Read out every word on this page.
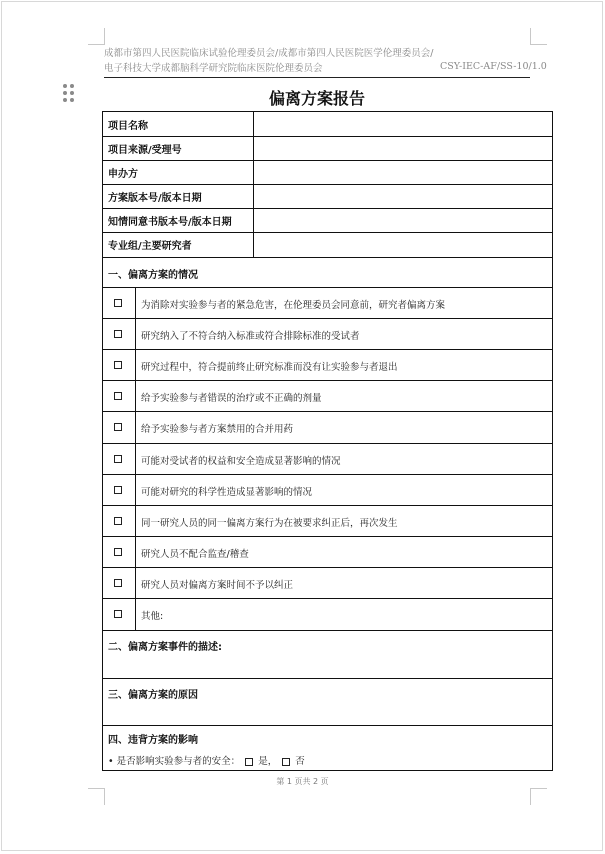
成都市第四人民医院临床试验伦理委员会/成都市第四人民医院医学伦理委员会/
电子科技大学成都脑科学研究院临床医院伦理委员会	CSY-IEC-AF/SS-10/1.0
偏离方案报告
项目名称
项目来源/受理号
申办方
方案版本号/版本日期
知情同意书版本号/版本日期
专业组/主要研究者
一、偏离方案的情况
为消除对实验参与者的紧急危害，在伦理委员会同意前，研究者偏离方案
研究纳入了不符合纳入标准或符合排除标准的受试者
研究过程中，符合提前终止研究标准而没有让实验参与者退出
给予实验参与者错误的治疗或不正确的剂量
给予实验参与者方案禁用的合并用药
可能对受试者的权益和安全造成显著影响的情况
可能对研究的科学性造成显著影响的情况
同一研究人员的同一偏离方案行为在被要求纠正后，再次发生
研究人员不配合监查/稽查
研究人员对偏离方案时间不予以纠正
其他:
二、偏离方案事件的描述:
三、偏离方案的原因
四、违背方案的影响
• 是否影响实验参与者的安全： 是， 否
第 1 页共 2 页
